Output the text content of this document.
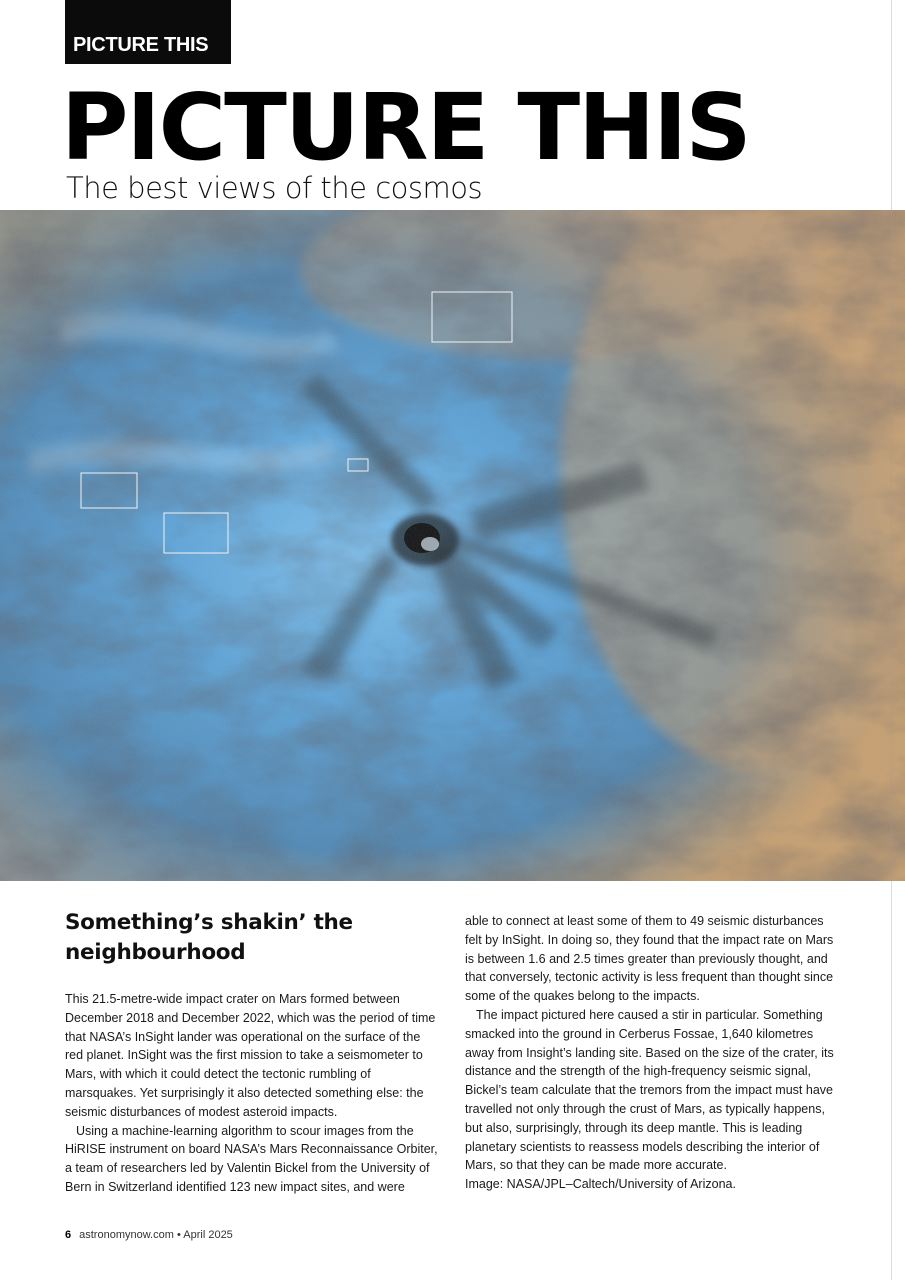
PICTURE THIS
PICTURE THIS
The best views of the cosmos
Something’s shakin’ the neighbourhood

This 21.5-metre-wide impact crater on Mars formed between December 2018 and December 2022, which was the period of time that NASA’s InSight lander was operational on the surface of the red planet. InSight was the first mission to take a seismometer to Mars, with which it could detect the tectonic rumbling of marsquakes. Yet surprisingly it also detected something else: the seismic disturbances of modest asteroid impacts.

Using a machine-learning algorithm to scour images from the HiRISE instrument on board NASA’s Mars Reconnaissance Orbiter, a team of researchers led by Valentin Bickel from the University of Bern in Switzerland identified 123 new impact sites, and were

able to connect at least some of them to 49 seismic disturbances felt by InSight. In doing so, they found that the impact rate on Mars is between 1.6 and 2.5 times greater than previously thought, and that conversely, tectonic activity is less frequent than thought since some of the quakes belong to the impacts.

The impact pictured here caused a stir in particular. Something smacked into the ground in Cerberus Fossae, 1,640 kilometres away from Insight’s landing site. Based on the size of the crater, its distance and the strength of the high-frequency seismic signal, Bickel’s team calculate that the tremors from the impact must have travelled not only through the crust of Mars, as typically happens, but also, surprisingly, through its deep mantle. This is leading planetary scientists to reassess models describing the interior of Mars, so that they can be made more accurate.

Image: NASA/JPL–Caltech/University of Arizona.

6 astronomynow.com • April 2025
